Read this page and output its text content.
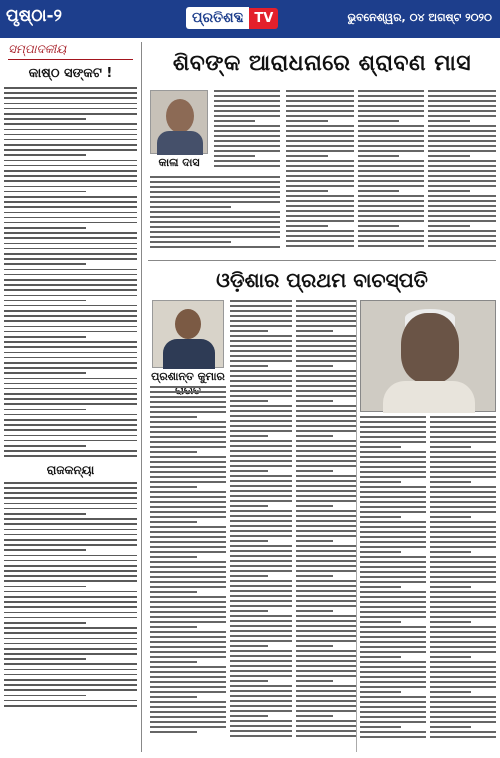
ପୃଷ୍ଠା-୨	ପ୍ରତିଶବ୍ଦ TV	ଭୁବନେଶ୍ୱର, ୦୪ ଅଗଷ୍ଟ ୨୦୨୦
ସମ୍ପାଦକୀୟ
କାଷ୍ଠ ସଙ୍କଟ !
ରାଜକନ୍ୟା
ଶିବଙ୍କ ଆରାଧନାରେ ଶ୍ରାବଣ ମାସ
କାଳା ଦାସ
ଓଡ଼ିଶାର ପ୍ରଥମ ବାଚସ୍ପତି
ପ୍ରଶାନ୍ତ କୁମାର
